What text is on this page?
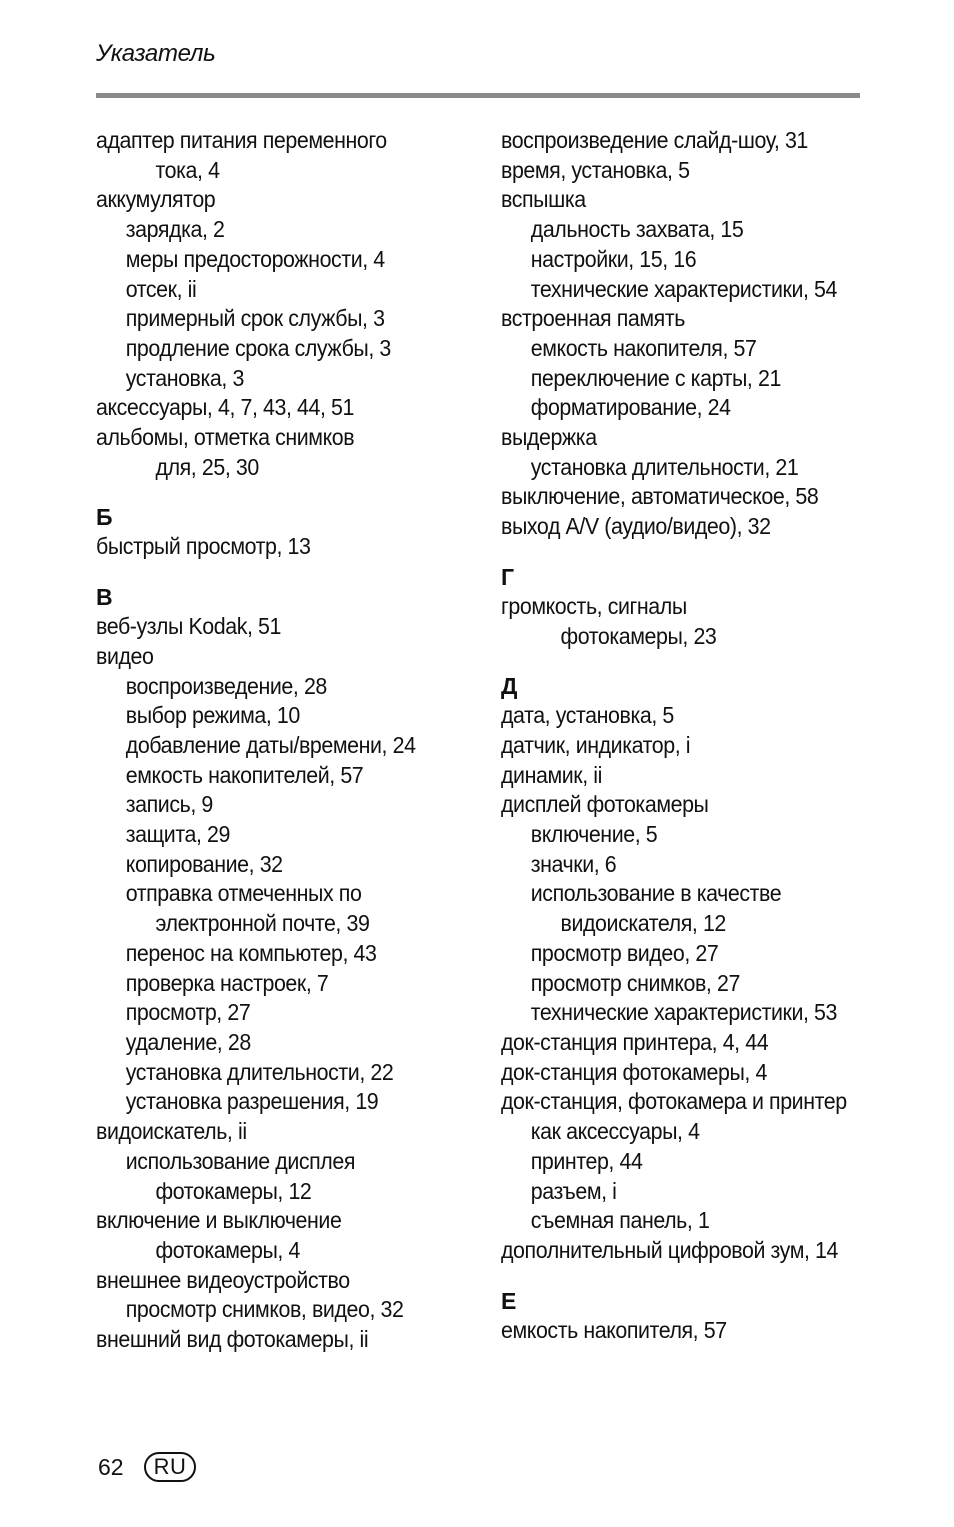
Указатель
адаптер питания переменного
тока, 4
аккумулятор
зарядка, 2
меры предосторожности, 4
отсек, ii
примерный срок службы, 3
продление срока службы, 3
установка, 3
аксессуары, 4, 7, 43, 44, 51
альбомы, отметка снимков
для, 25, 30
Б
быстрый просмотр, 13
В
веб-узлы Kodak, 51
видео
воспроизведение, 28
выбор режима, 10
добавление даты/времени, 24
емкость накопителей, 57
запись, 9
защита, 29
копирование, 32
отправка отмеченных по
электронной почте, 39
перенос на компьютер, 43
проверка настроек, 7
просмотр, 27
удаление, 28
установка длительности, 22
установка разрешения, 19
видоискатель, ii
использование дисплея
фотокамеры, 12
включение и выключение
фотокамеры, 4
внешнее видеоустройство
просмотр снимков, видео, 32
внешний вид фотокамеры, ii
воспроизведение слайд-шоу, 31
время, установка, 5
вспышка
дальность захвата, 15
настройки, 15, 16
технические характеристики, 54
встроенная память
емкость накопителя, 57
переключение с карты, 21
форматирование, 24
выдержка
установка длительности, 21
выключение, автоматическое, 58
выход A/V (аудио/видео), 32
Г
громкость, сигналы
фотокамеры, 23
Д
дата, установка, 5
датчик, индикатор, i
динамик, ii
дисплей фотокамеры
включение, 5
значки, 6
использование в качестве
видоискателя, 12
просмотр видео, 27
просмотр снимков, 27
технические характеристики, 53
док-станция принтера, 4, 44
док-станция фотокамеры, 4
док-станция, фотокамера и принтер
как аксессуары, 4
принтер, 44
разъем, i
съемная панель, 1
дополнительный цифровой зум, 14
Е
емкость накопителя, 57
62	RU
